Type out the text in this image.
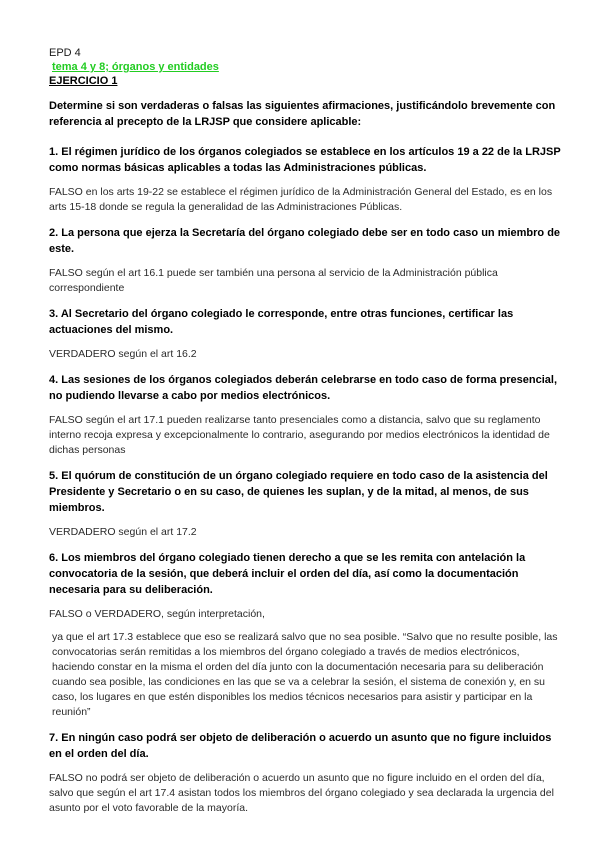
EPD 4

tema 4 y 8; órganos y entidades

EJERCICIO 1

Determine si son verdaderas o falsas las siguientes afirmaciones, justificándolo brevemente con referencia al precepto de la LRJSP que considere aplicable:

1. El régimen jurídico de los órganos colegiados se establece en los artículos 19 a 22 de la LRJSP como normas básicas aplicables a todas las Administraciones públicas.

FALSO en los arts 19-22 se establece el régimen jurídico de la Administración General del Estado, es en los arts 15-18 donde se regula la generalidad de las Administraciones Públicas.

2. La persona que ejerza la Secretaría del órgano colegiado debe ser en todo caso un miembro de este.

FALSO según el art 16.1 puede ser también una persona al servicio de la Administración pública correspondiente

3. Al Secretario del órgano colegiado le corresponde, entre otras funciones, certificar las actuaciones del mismo.

VERDADERO según el art 16.2

4. Las sesiones de los órganos colegiados deberán celebrarse en todo caso de forma presencial, no pudiendo llevarse a cabo por medios electrónicos.

FALSO según el art 17.1 pueden realizarse tanto presenciales como a distancia, salvo que su reglamento interno recoja expresa y excepcionalmente lo contrario, asegurando por medios electrónicos la identidad de dichas personas

5. El quórum de constitución de un órgano colegiado requiere en todo caso de la asistencia del Presidente y Secretario o en su caso, de quienes les suplan, y de la mitad, al menos, de sus miembros.

VERDADERO según el art 17.2

6. Los miembros del órgano colegiado tienen derecho a que se les remita con antelación la convocatoria de la sesión, que deberá incluir el orden del día, así como la documentación necesaria para su deliberación.

FALSO o VERDADERO, según interpretación,

ya que el art 17.3 establece que eso se realizará salvo que no sea posible. “Salvo que no resulte posible, las convocatorias serán remitidas a los miembros del órgano colegiado a través de medios electrónicos, haciendo constar en la misma el orden del día junto con la documentación necesaria para su deliberación cuando sea posible, las condiciones en las que se va a celebrar la sesión, el sistema de conexión y, en su caso, los lugares en que estén disponibles los medios técnicos necesarios para asistir y participar en la reunión”

7. En ningún caso podrá ser objeto de deliberación o acuerdo un asunto que no figure incluidos en el orden del día.

FALSO no podrá ser objeto de deliberación o acuerdo un asunto que no figure incluido en el orden del día, salvo que según el art 17.4 asistan todos los miembros del órgano colegiado y sea declarada la urgencia del asunto por el voto favorable de la mayoría.
